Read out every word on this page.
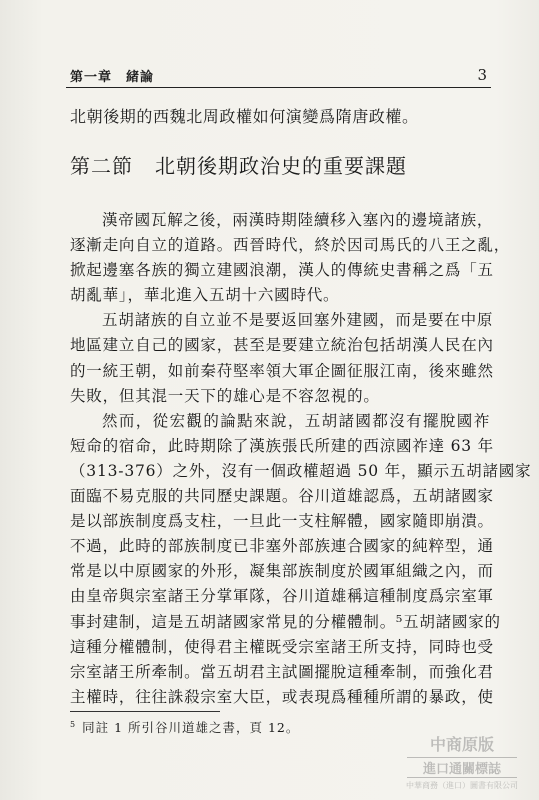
第一章　緒論	3
北朝後期的西魏北周政權如何演變爲隋唐政權。
第二節 北朝後期政治史的重要課題
漢帝國瓦解之後，兩漢時期陸續移入塞內的邊境諸族，
逐漸走向自立的道路。西晉時代，終於因司馬氏的八王之亂，
掀起邊塞各族的獨立建國浪潮，漢人的傳統史書稱之爲「五
胡亂華」，華北進入五胡十六國時代。
五胡諸族的自立並不是要返回塞外建國，而是要在中原
地區建立自己的國家，甚至是要建立統治包括胡漢人民在內
的一統王朝，如前秦苻堅率領大軍企圖征服江南，後來雖然
失敗，但其混一天下的雄心是不容忽視的。
然而，從宏觀的論點來說，五胡諸國都沒有擺脫國祚
短命的宿命，此時期除了漢族張氏所建的西涼國祚達 63 年
（313-376）之外，沒有一個政權超過 50 年，顯示五胡諸國家
面臨不易克服的共同歷史課題。谷川道雄認爲，五胡諸國家
是以部族制度爲支柱，一旦此一支柱解體，國家隨即崩潰。
不過，此時的部族制度已非塞外部族連合國家的純粹型，通
常是以中原國家的外形，凝集部族制度於國軍組織之內，而
由皇帝與宗室諸王分掌軍隊，谷川道雄稱這種制度爲宗室軍
事封建制，這是五胡諸國家常見的分權體制。⁵五胡諸國家的
這種分權體制，使得君主權既受宗室諸王所支持，同時也受
宗室諸王所牽制。當五胡君主試圖擺脫這種牽制，而強化君
主權時，往往誅殺宗室大臣，或表現爲種種所謂的暴政，使
$^5$ 同註 1 所引谷川道雄之書，頁 12。
中商原版
進口通關標誌
中華商務（進口）圖書有限公司
